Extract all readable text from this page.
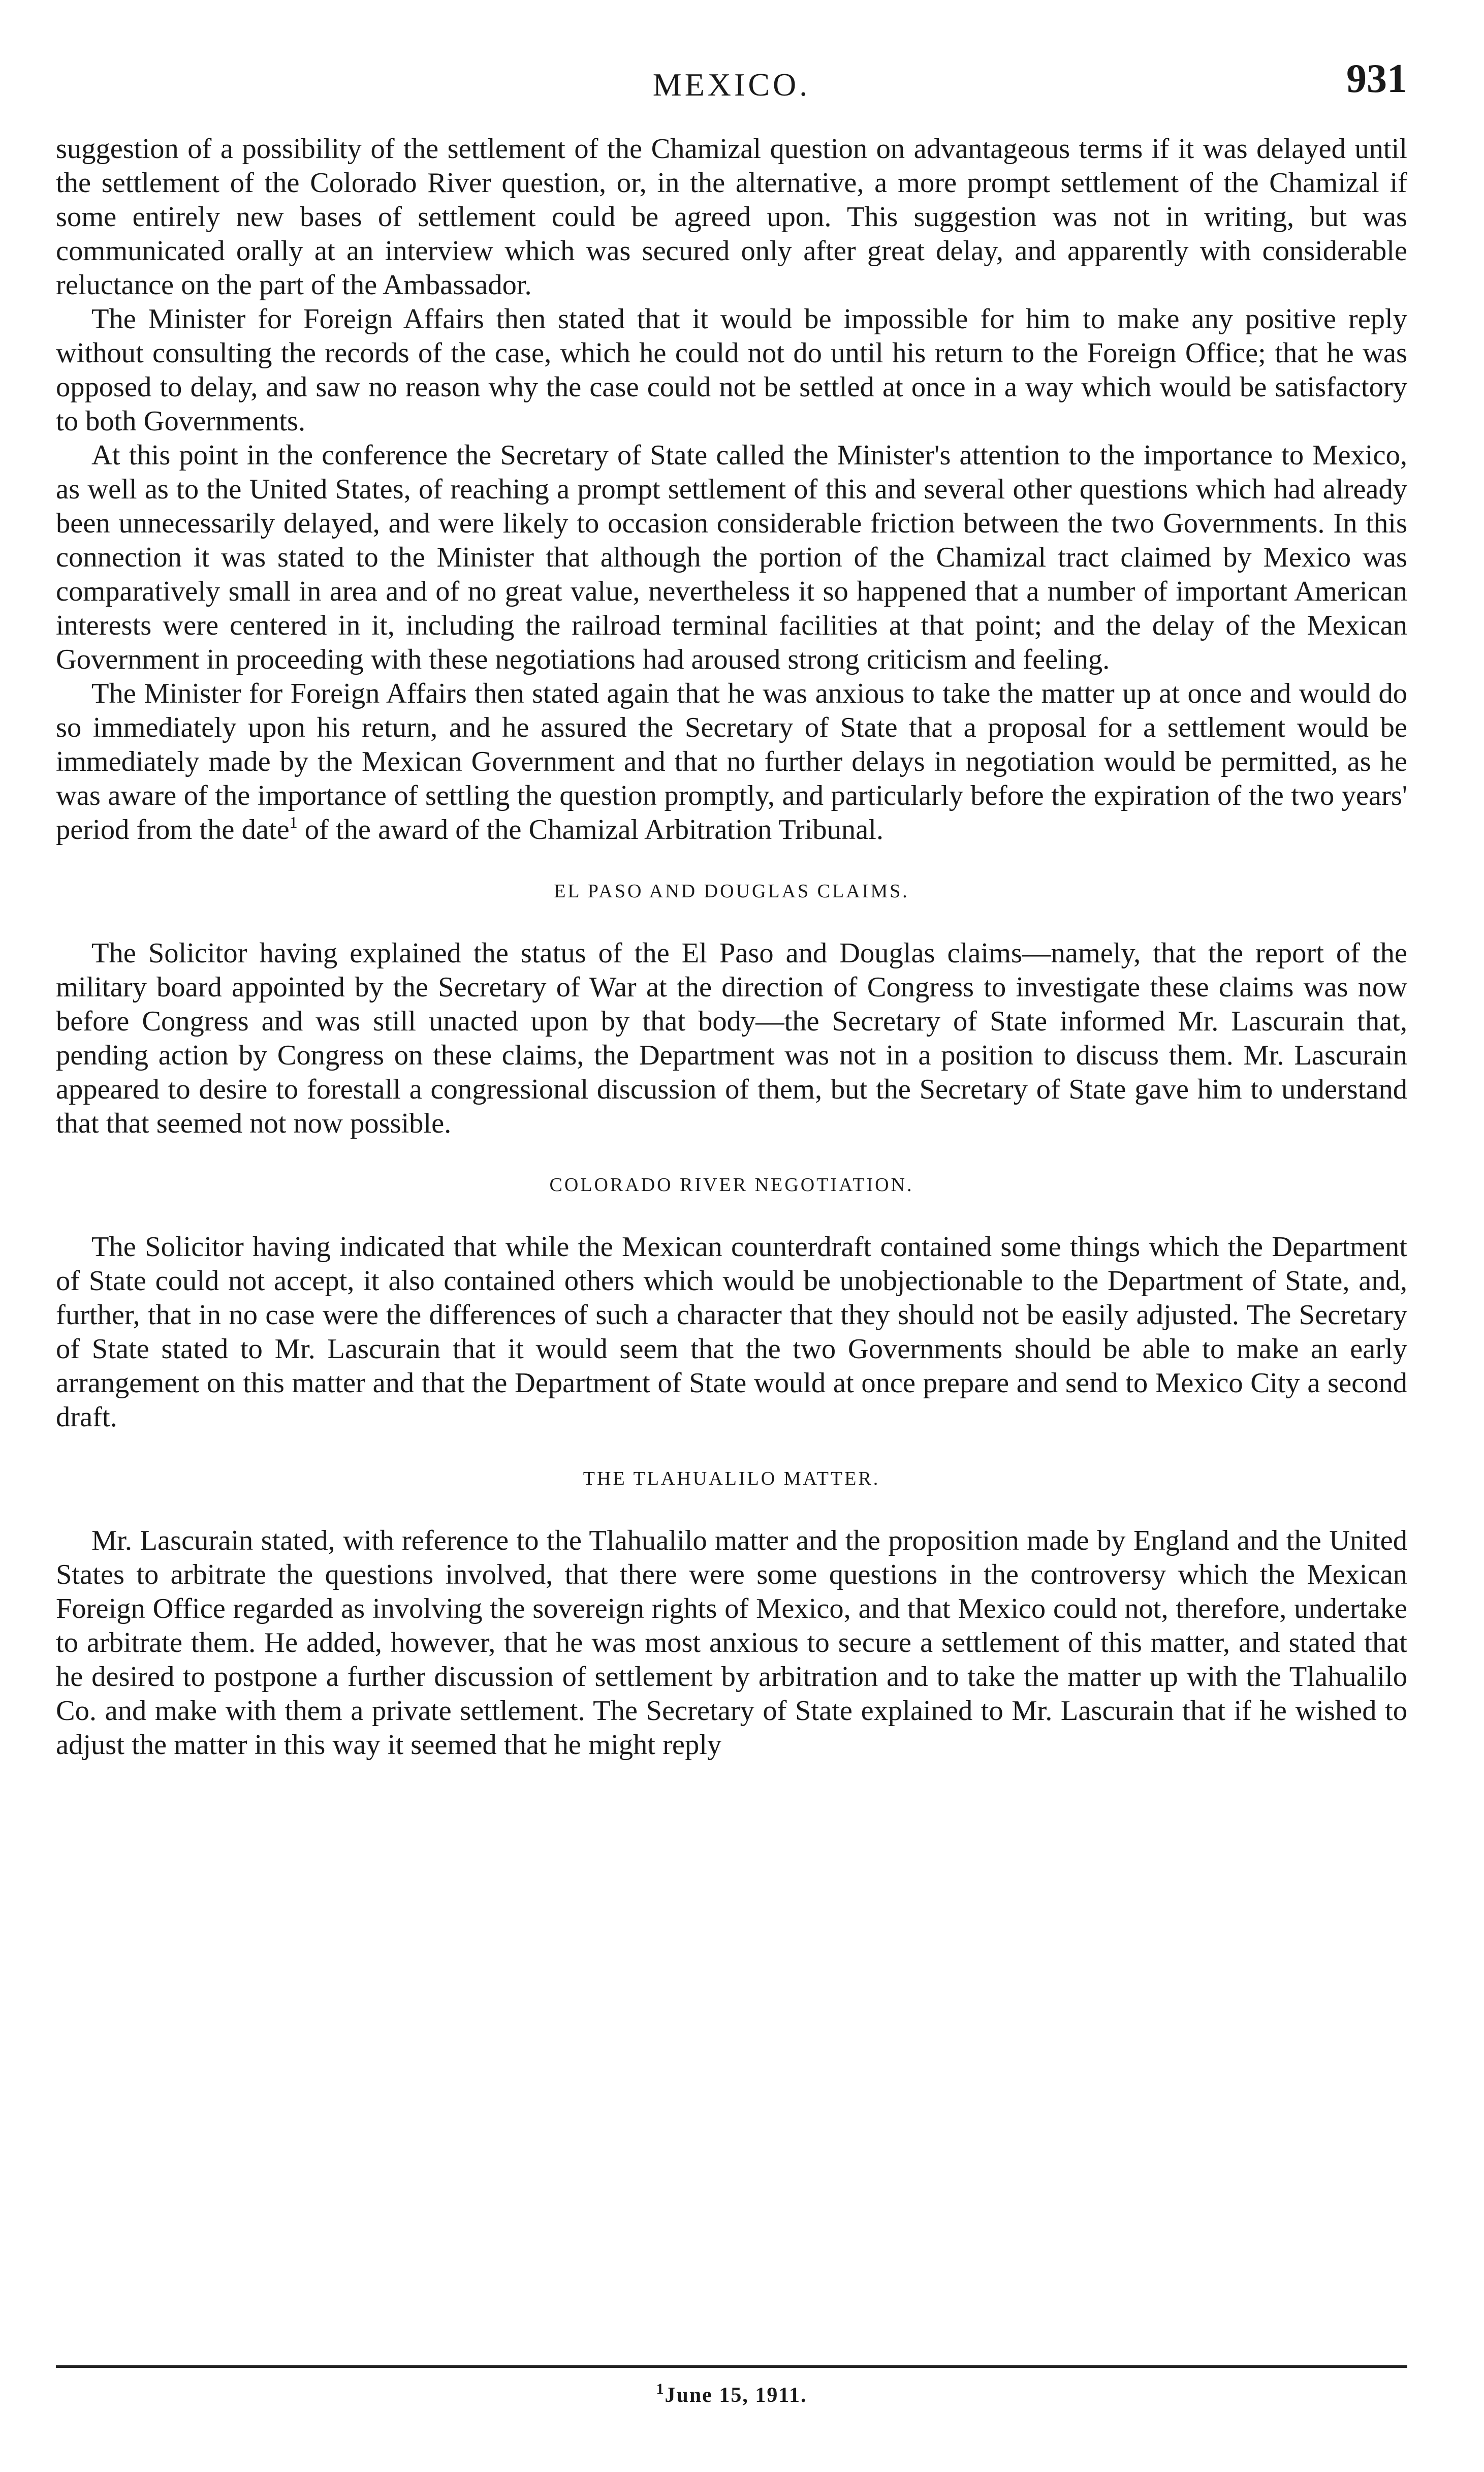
MEXICO.	931

suggestion of a possibility of the settlement of the Chamizal question on advantageous terms if it was delayed until the settlement of the Colorado River question, or, in the alternative, a more prompt settlement of the Chamizal if some entirely new bases of settlement could be agreed upon. This suggestion was not in writing, but was communicated orally at an interview which was secured only after great delay, and apparently with considerable reluctance on the part of the Ambassador.

The Minister for Foreign Affairs then stated that it would be impossible for him to make any positive reply without consulting the records of the case, which he could not do until his return to the Foreign Office; that he was opposed to delay, and saw no reason why the case could not be settled at once in a way which would be satisfactory to both Governments.

At this point in the conference the Secretary of State called the Minister's attention to the importance to Mexico, as well as to the United States, of reaching a prompt settlement of this and several other questions which had already been unnecessarily delayed, and were likely to occasion considerable friction between the two Governments. In this connection it was stated to the Minister that although the portion of the Chamizal tract claimed by Mexico was comparatively small in area and of no great value, nevertheless it so happened that a number of important American interests were centered in it, including the railroad terminal facilities at that point; and the delay of the Mexican Government in proceeding with these negotiations had aroused strong criticism and feeling.

The Minister for Foreign Affairs then stated again that he was anxious to take the matter up at once and would do so immediately upon his return, and he assured the Secretary of State that a proposal for a settlement would be immediately made by the Mexican Government and that no further delays in negotiation would be permitted, as he was aware of the importance of settling the question promptly, and particularly before the expiration of the two years' period from the date$^1$ of the award of the Chamizal Arbitration Tribunal.

EL PASO AND DOUGLAS CLAIMS.

The Solicitor having explained the status of the El Paso and Douglas claims—namely, that the report of the military board appointed by the Secretary of War at the direction of Congress to investigate these claims was now before Congress and was still unacted upon by that body—the Secretary of State informed Mr. Lascurain that, pending action by Congress on these claims, the Department was not in a position to discuss them. Mr. Lascurain appeared to desire to forestall a congressional discussion of them, but the Secretary of State gave him to understand that that seemed not now possible.

COLORADO RIVER NEGOTIATION.

The Solicitor having indicated that while the Mexican counterdraft contained some things which the Department of State could not accept, it also contained others which would be unobjectionable to the Department of State, and, further, that in no case were the differences of such a character that they should not be easily adjusted. The Secretary of State stated to Mr. Lascurain that it would seem that the two Governments should be able to make an early arrangement on this matter and that the Department of State would at once prepare and send to Mexico City a second draft.

THE TLAHUALILO MATTER.

Mr. Lascurain stated, with reference to the Tlahualilo matter and the proposition made by England and the United States to arbitrate the questions involved, that there were some questions in the controversy which the Mexican Foreign Office regarded as involving the sovereign rights of Mexico, and that Mexico could not, therefore, undertake to arbitrate them. He added, however, that he was most anxious to secure a settlement of this matter, and stated that he desired to postpone a further discussion of settlement by arbitration and to take the matter up with the Tlahualilo Co. and make with them a private settlement. The Secretary of State explained to Mr. Lascurain that if he wished to adjust the matter in this way it seemed that he might reply

$^1$June 15, 1911.
